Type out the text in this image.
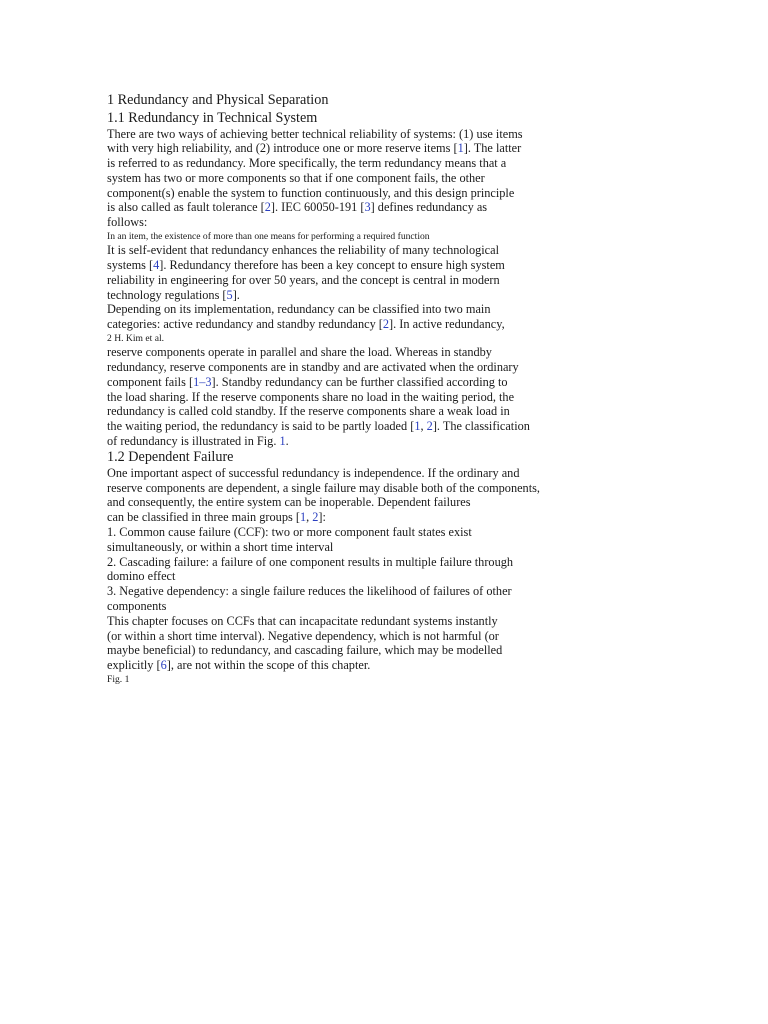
1 Redundancy and Physical Separation
1.1 Redundancy in Technical System
There are two ways of achieving better technical reliability of systems: (1) use items
with very high reliability, and (2) introduce one or more reserve items [1]. The latter
is referred to as redundancy. More specifically, the term redundancy means that a
system has two or more components so that if one component fails, the other
component(s) enable the system to function continuously, and this design principle
is also called as fault tolerance [2]. IEC 60050-191 [3] defines redundancy as
follows:
In an item, the existence of more than one means for performing a required function
It is self-evident that redundancy enhances the reliability of many technological
systems [4]. Redundancy therefore has been a key concept to ensure high system
reliability in engineering for over 50 years, and the concept is central in modern
technology regulations [5].
Depending on its implementation, redundancy can be classified into two main
categories: active redundancy and standby redundancy [2]. In active redundancy,
2 H. Kim et al.
reserve components operate in parallel and share the load. Whereas in standby
redundancy, reserve components are in standby and are activated when the ordinary
component fails [1–3]. Standby redundancy can be further classified according to
the load sharing. If the reserve components share no load in the waiting period, the
redundancy is called cold standby. If the reserve components share a weak load in
the waiting period, the redundancy is said to be partly loaded [1, 2]. The classification
of redundancy is illustrated in Fig. 1.
1.2 Dependent Failure
One important aspect of successful redundancy is independence. If the ordinary and
reserve components are dependent, a single failure may disable both of the components,
and consequently, the entire system can be inoperable. Dependent failures
can be classified in three main groups [1, 2]:
1. Common cause failure (CCF): two or more component fault states exist
simultaneously, or within a short time interval
2. Cascading failure: a failure of one component results in multiple failure through
domino effect
3. Negative dependency: a single failure reduces the likelihood of failures of other
components
This chapter focuses on CCFs that can incapacitate redundant systems instantly
(or within a short time interval). Negative dependency, which is not harmful (or
maybe beneficial) to redundancy, and cascading failure, which may be modelled
explicitly [6], are not within the scope of this chapter.
Fig. 1
